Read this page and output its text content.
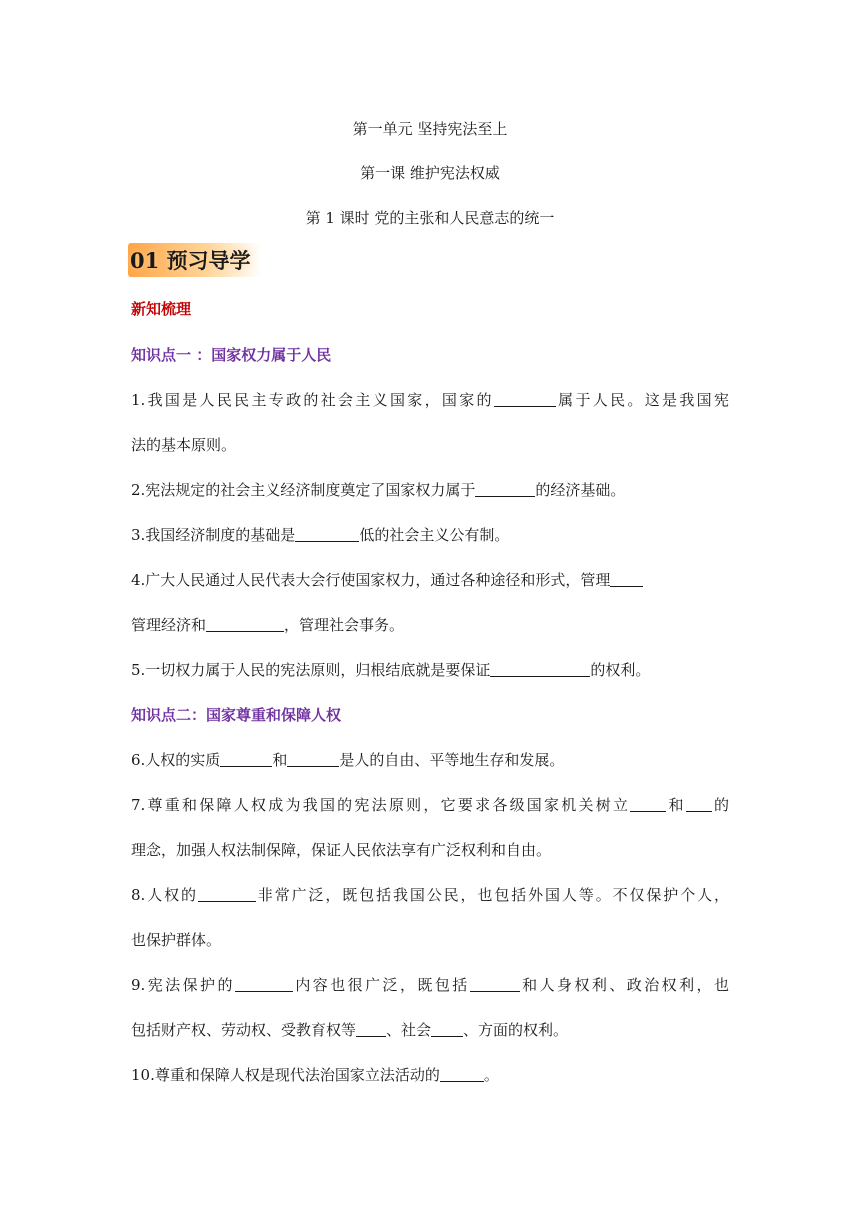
第一单元 坚持宪法至上
第一课 维护宪法权威
第 1 课时 党的主张和人民意志的统一
01 预习导学
新知梳理
知识点一 ：国家权力属于人民
1.我国是人民民主专政的社会主义国家，国家的	属于人民。这是我国宪
法的基本原则。
2.宪法规定的社会主义经济制度奠定了国家权力属于	的经济基础。
3.我国经济制度的基础是	低的社会主义公有制。
4.广大人民通过人民代表大会行使国家权力，通过各种途径和形式，管理
管理经济和	，管理社会事务。
5.一切权力属于人民的宪法原则，归根结底就是要保证	的权利。
知识点二：国家尊重和保障人权
6.人权的实质	和	是人的自由、平等地生存和发展。
7.尊重和保障人权成为我国的宪法原则，它要求各级国家机关树立 和 的
理念，加强人权法制保障，保证人民依法享有广泛权利和自由。
8.人权的	非常广泛，既包括我国公民，也包括外国人等。不仅保护个人，
也保护群体。
9.宪法保护的	内容也很广泛，既包括	和人身权利、政治权利，也
包括财产权、劳动权、受教育权等 、社会 、方面的权利。
10.尊重和保障人权是现代法治国家立法活动的	。
